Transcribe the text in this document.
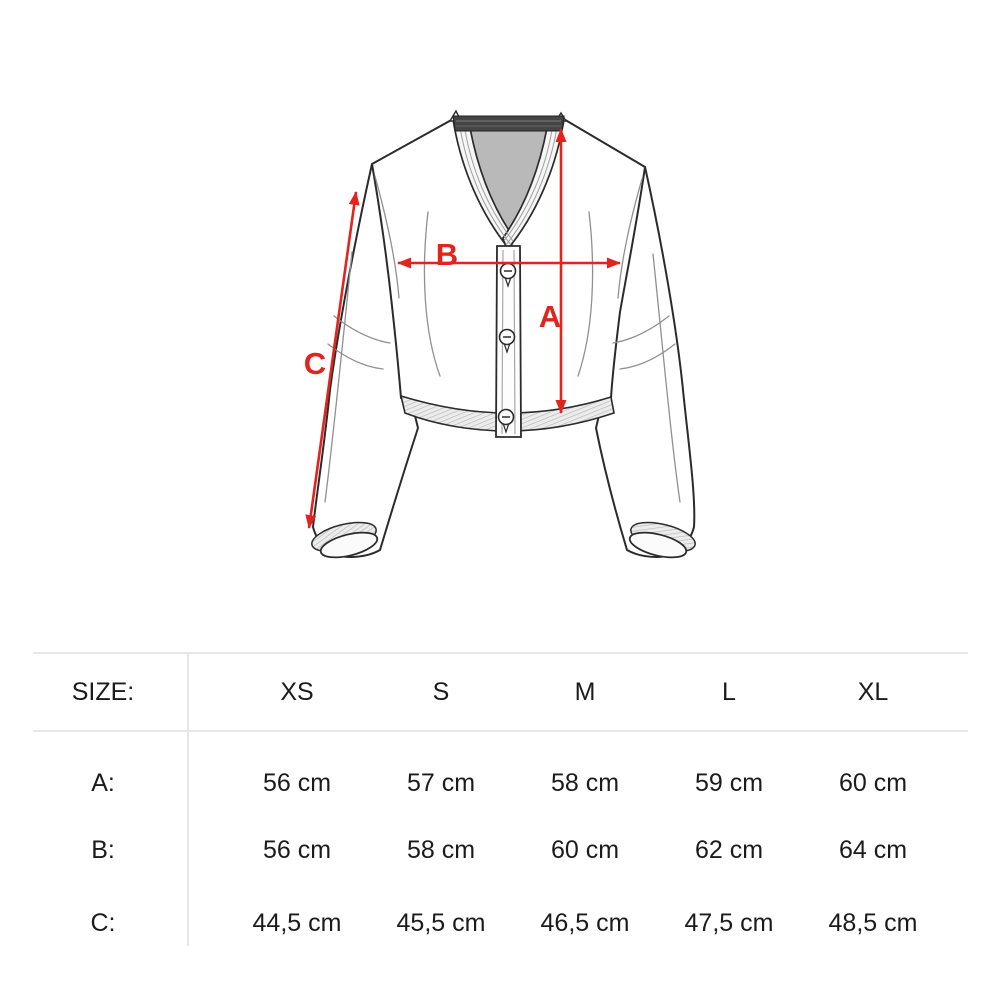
B
A
C
SIZE:	XS	S	M	L	XL
A:	56 cm	57 cm	58 cm	59 cm	60 cm
B:	56 cm	58 cm	60 cm	62 cm	64 cm
C:	44,5 cm	45,5 cm	46,5 cm	47,5 cm	48,5 cm
